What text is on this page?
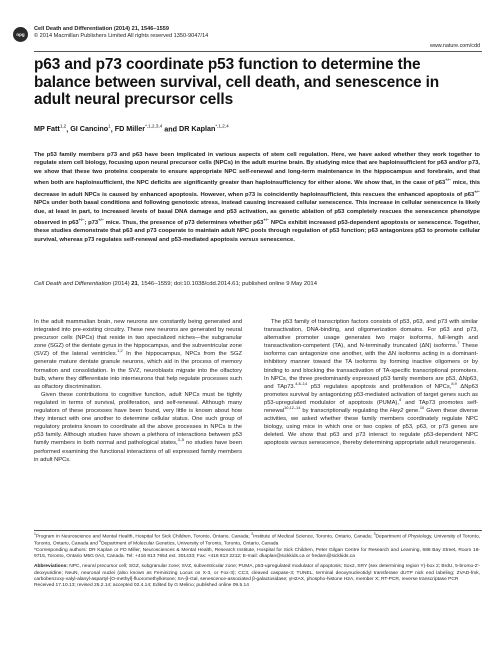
npg
Cell Death and Differentiation (2014) 21, 1546–1559
© 2014 Macmillan Publishers Limited All rights reserved 1350-9047/14
www.nature.com/cdd
p63 and p73 coordinate p53 function to determine the balance between survival, cell death, and senescence in adult neural precursor cells
MP Fatt$^{1,2}$, GI Cancino$^1$, FD Miller$^{*,1,2,3,4}$ and DR Kaplan$^{*,1,2,4}$
The p53 family members p73 and p63 have been implicated in various aspects of stem cell regulation. Here, we have asked whether they work together to regulate stem cell biology, focusing upon neural precursor cells (NPCs) in the adult murine brain. By studying mice that are haploinsufficient for p63 and/or p73, we show that these two proteins cooperate to ensure appropriate NPC self-renewal and long-term maintenance in the hippocampus and forebrain, and that when both are haploinsufficient, the NPC deficits are significantly greater than haploinsufficiency for either alone. We show that, in the case of p63+/− mice, this decrease in adult NPCs is caused by enhanced apoptosis. However, when p73 is coincidently haploinsufficient, this rescues the enhanced apoptosis of p63+/− NPCs under both basal conditions and following genotoxic stress, instead causing increased cellular senescence. This increase in cellular senescence is likely due, at least in part, to increased levels of basal DNA damage and p53 activation, as genetic ablation of p53 completely rescues the senescence phenotype observed in p63+/−; p73+/− mice. Thus, the presence of p73 determines whether p63+/− NPCs exhibit increased p53-dependent apoptosis or senescence. Together, these studies demonstrate that p63 and p73 cooperate to maintain adult NPC pools through regulation of p53 function; p63 antagonizes p53 to promote cellular survival, whereas p73 regulates self-renewal and p53-mediated apoptosis versus senescence.
Cell Death and Differentiation (2014) 21, 1546–1559; doi:10.1038/cdd.2014.61; published online 9 May 2014

In the adult mammalian brain, new neurons are constantly being generated and integrated into pre-existing circuitry. These new neurons are generated by neural precursor cells (NPCs) that reside in two specialized niches—the subgranular zone (SGZ) of the dentate gyrus in the hippocampus, and the subventricular zone (SVZ) of the lateral ventricles.$^{1,2}$ In the hippocampus, NPCs from the SGZ generate mature dentate granule neurons, which aid in the process of memory formation and consolidation. In the SVZ, neuroblasts migrate into the olfactory bulb, where they differentiate into interneurons that help regulate processes such as olfactory discrimination.

Given these contributions to cognitive function, adult NPCs must be tightly regulated in terms of survival, proliferation, and self-renewal. Although many regulators of these processes have been found, very little is known about how they interact with one another to determine cellular status. One such group of regulatory proteins known to coordinate all the above processes in NPCs is the p53 family. Although studies have shown a plethora of interactions between p53 family members in both normal and pathological states,$^{3-5}$ no studies have been performed examining the functional interactions of all expressed family members in adult NPCs.

The p53 family of transcription factors consists of p53, p63, and p73 with similar transactivation, DNA-binding, and oligomerization domains. For p63 and p73, alternative promoter usage generates two major isoforms, full-length and transactivation-competent (TA), and N-terminally truncated (ΔN) isoforms.$^7$ These isoforms can antagonize one another, with the ΔN isoforms acting in a dominant-inhibitory manner toward the TA isoforms by forming inactive oligomers or by binding to and blocking the transactivation of TA-specific transcriptional promoters. In NPCs, the three predominantly expressed p53 family members are p53, ΔNp63, and TAp73.$^{4,8-14}$ p53 regulates apoptosis and proliferation of NPCs,$^{8,9}$ ΔNp63 promotes survival by antagonizing p53-mediated activation of target genes such as p53-upregulated modulator of apoptosis (PUMA),$^4$ and TAp73 promotes self-renewal$^{10,12-14}$ by transcriptionally regulating the Hey2 gene.$^{10}$ Given these diverse activities, we asked whether these family members coordinately regulate NPC biology, using mice in which one or two copies of p53, p63, or p73 genes are deleted. We show that p63 and p73 interact to regulate p53-dependent NPC apoptosis versus senescence, thereby determining appropriate adult neurogenesis.

$^1$Program in Neuroscience and Mental Health, Hospital for Sick Children, Toronto, Ontario, Canada; $^2$Institute of Medical Science, Toronto, Ontario, Canada; $^3$Department of Physiology, University of Toronto, Toronto, Ontario, Canada and $^4$Department of Molecular Genetics, University of Toronto, Toronto, Ontario, Canada

*Corresponding authors: DR Kaplan or FD Miller, Neurosciences & Mental Health, Research Institute, Hospital for Sick Children, Peter Gilgan Centre for Research and Learning, 686 Bay Street, Room 18-9715, Toronto, Ontario M5G 0A4, Canada. Tel: +416 813 7654 ext. 301433; Fax: +416 813 2212; E-mail: dkaplan@sickkids.ca or fredam@sickkids.ca

Abbreviations: NPC, neural precursor cell; SGZ, subgranular zone; SVZ, subventricular zone; PUMA, p53-upregulated modulator of apoptosis; Sox2, SRY (sex determining region Y)-box 2; BrdU, 5-bromo-2′-deoxyuridine; NeuN, neuronal nuclei (also known as Feminizing Locus on X-3, or Fox-3); CC3, cleaved caspase-3; TUNEL, terminal deoxynucleotidyl transferase dUTP nick end labeling; ZVAD-fmk, carbobenzoxy-valyl-alanyl-aspartyl-[O-methyl]-fluoromethylketone; SA-β-Gal, senescence-associated β-galactosidase; γH2AX, phospho-histone H2A, member X; RT-PCR, reverse transcriptase PCR

Received 17.10.13; revised 25.2.14; accepted 02.4.14; Edited by G Melino; published online 09.5.14
